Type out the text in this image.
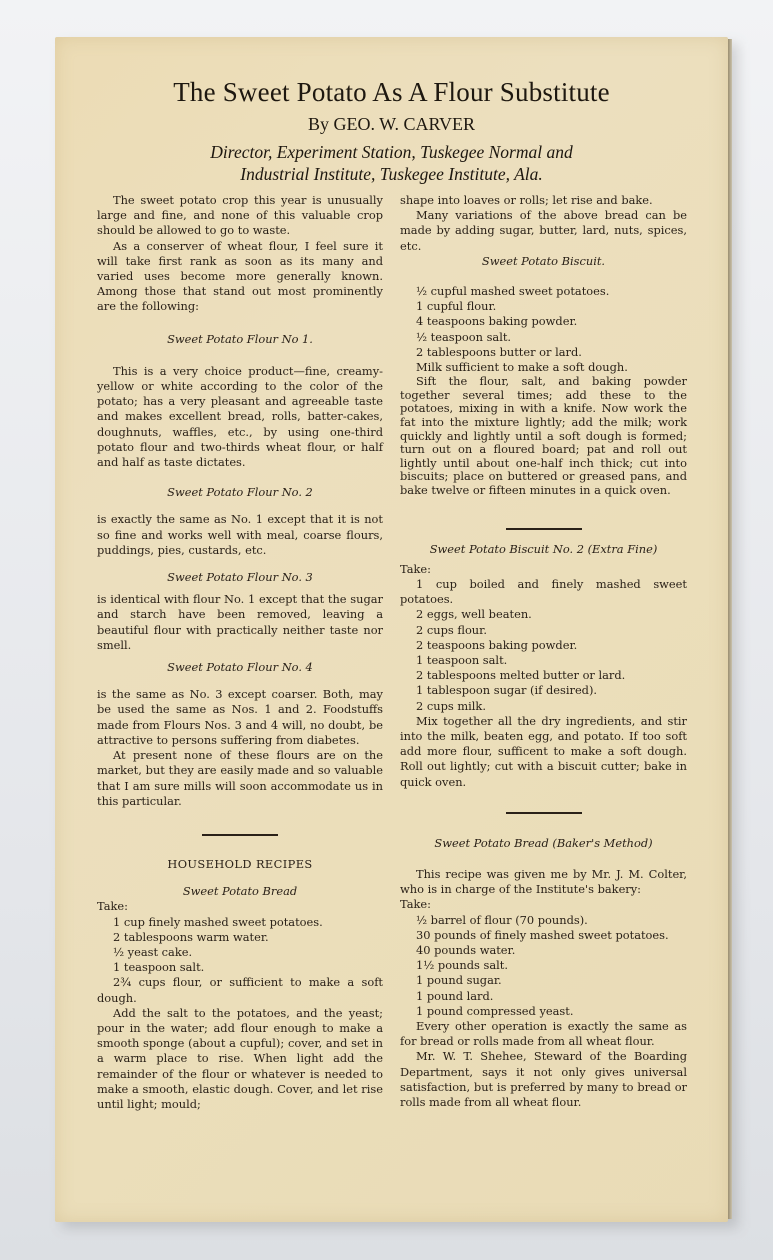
The Sweet Potato As A Flour Substitute
By GEO. W. CARVER
Director, Experiment Station, Tuskegee Normal and
Industrial Institute, Tuskegee Institute, Ala.

The sweet potato crop this year is unusually large and fine, and none of this valuable crop should be allowed to go to waste.

As a conserver of wheat flour, I feel sure it will take first rank as soon as its many and varied uses become more generally known. Among those that stand out most prominently are the following:

Sweet Potato Flour No 1.

This is a very choice product—fine, creamy-yellow or white according to the color of the potato; has a very pleasant and agreeable taste and makes excellent bread, rolls, batter-cakes, doughnuts, waffles, etc., by using one-third potato flour and two-thirds wheat flour, or half and half as taste dictates.

Sweet Potato Flour No. 2

is exactly the same as No. 1 except that it is not so fine and works well with meal, coarse flours, puddings, pies, custards, etc.

Sweet Potato Flour No. 3

is identical with flour No. 1 except that the sugar and starch have been removed, leaving a beautiful flour with practically neither taste nor smell.

Sweet Potato Flour No. 4

is the same as No. 3 except coarser. Both, may be used the same as Nos. 1 and 2. Foodstuffs made from Flours Nos. 3 and 4 will, no doubt, be attractive to persons suffering from diabetes.

At present none of these flours are on the market, but they are easily made and so valuable that I am sure mills will soon accommodate us in this particular.

HOUSEHOLD RECIPES

Sweet Potato Bread

Take:

1 cup finely mashed sweet potatoes.

2 tablespoons warm water.

½ yeast cake.

1 teaspoon salt.

2¾ cups flour, or sufficient to make a soft dough.

Add the salt to the potatoes, and the yeast; pour in the water; add flour enough to make a smooth sponge (about a cupful); cover, and set in a warm place to rise. When light add the remainder of the flour or whatever is needed to make a smooth, elastic dough. Cover, and let rise until light; mould;

shape into loaves or rolls; let rise and bake.

Many variations of the above bread can be made by adding sugar, butter, lard, nuts, spices, etc.

Sweet Potato Biscuit.

½ cupful mashed sweet potatoes.

1 cupful flour.

4 teaspoons baking powder.

½ teaspoon salt.

2 tablespoons butter or lard.

Milk sufficient to make a soft dough.

Sift the flour, salt, and baking powder together several times; add these to the potatoes, mixing in with a knife. Now work the fat into the mixture lightly; add the milk; work quickly and lightly until a soft dough is formed; turn out on a floured board; pat and roll out lightly until about one-half inch thick; cut into biscuits; place on buttered or greased pans, and bake twelve or fifteen minutes in a quick oven.

Sweet Potato Biscuit No. 2 (Extra Fine)

Take:

1 cup boiled and finely mashed sweet potatoes.

2 eggs, well beaten.

2 cups flour.

2 teaspoons baking powder.

1 teaspoon salt.

2 tablespoons melted butter or lard.

1 tablespoon sugar (if desired).

2 cups milk.

Mix together all the dry ingredients, and stir into the milk, beaten egg, and potato. If too soft add more flour, sufficent to make a soft dough. Roll out lightly; cut with a biscuit cutter; bake in quick oven.

Sweet Potato Bread (Baker's Method)

This recipe was given me by Mr. J. M. Colter, who is in charge of the Institute's bakery:

Take:

½ barrel of flour (70 pounds).

30 pounds of finely mashed sweet potatoes.

40 pounds water.

1½ pounds salt.

1 pound sugar.

1 pound lard.

1 pound compressed yeast.

Every other operation is exactly the same as for bread or rolls made from all wheat flour.

Mr. W. T. Shehee, Steward of the Boarding Department, says it not only gives universal satisfaction, but is preferred by many to bread or rolls made from all wheat flour.
